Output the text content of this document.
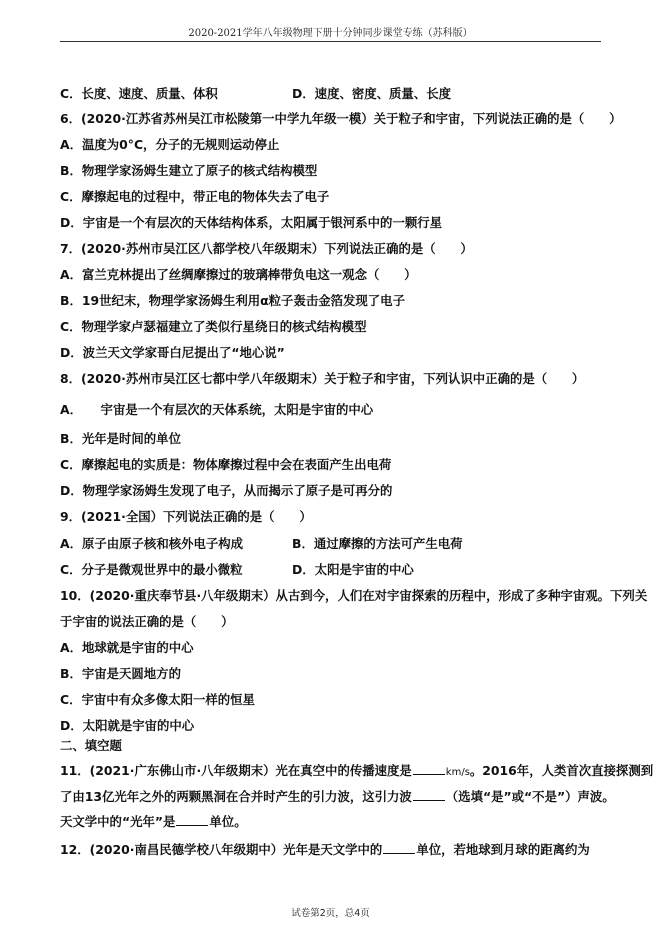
2020-2021学年八年级物理下册十分钟同步课堂专练（苏科版）
C．长度、速度、质量、体积	D．速度、密度、质量、长度
6．(2020·江苏省苏州吴江市松陵第一中学九年级一模）关于粒子和宇宙，下列说法正确的是（　　）
A．温度为0°C，分子的无规则运动停止
B．物理学家汤姆生建立了原子的核式结构模型
C．摩擦起电的过程中，带正电的物体失去了电子
D．宇宙是一个有层次的天体结构体系，太阳属于银河系中的一颗行星
7．(2020·苏州市吴江区八都学校八年级期末）下列说法正确的是（　　）
A．富兰克林提出了丝绸摩擦过的玻璃棒带负电这一观念（　　）
B．19世纪末，物理学家汤姆生利用α粒子轰击金箔发现了电子
C．物理学家卢瑟福建立了类似行星绕日的核式结构模型
D．波兰天文学家哥白尼提出了“地心说”
8．(2020·苏州市吴江区七都中学八年级期末）关于粒子和宇宙，下列认识中正确的是（　　）
A．　　宇宙是一个有层次的天体系统，太阳是宇宙的中心
B．光年是时间的单位
C．摩擦起电的实质是：物体摩擦过程中会在表面产生出电荷
D．物理学家汤姆生发现了电子，从而揭示了原子是可再分的
9．(2021·全国）下列说法正确的是（　　）
A．原子由原子核和核外电子构成	B．通过摩擦的方法可产生电荷
C．分子是微观世界中的最小微粒	D．太阳是宇宙的中心
10．(2020·重庆奉节县·八年级期末）从古到今，人们在对宇宙探索的历程中，形成了多种宇宙观。下列关
于宇宙的说法正确的是（　　）
A．地球就是宇宙的中心
B．宇宙是天圆地方的
C．宇宙中有众多像太阳一样的恒星
D．太阳就是宇宙的中心
二、填空题
11．(2021·广东佛山市·八年级期末）光在真空中的传播速度是	km/s。2016年，人类首次直接探测到
了由13亿光年之外的两颗黑洞在合并时产生的引力波，这引力波	（选填“是”或“不是”）声波。
天文学中的“光年”是	单位。
12．(2020·南昌民德学校八年级期中）光年是天文学中的	单位，若地球到月球的距离约为
试卷第2页，总4页
